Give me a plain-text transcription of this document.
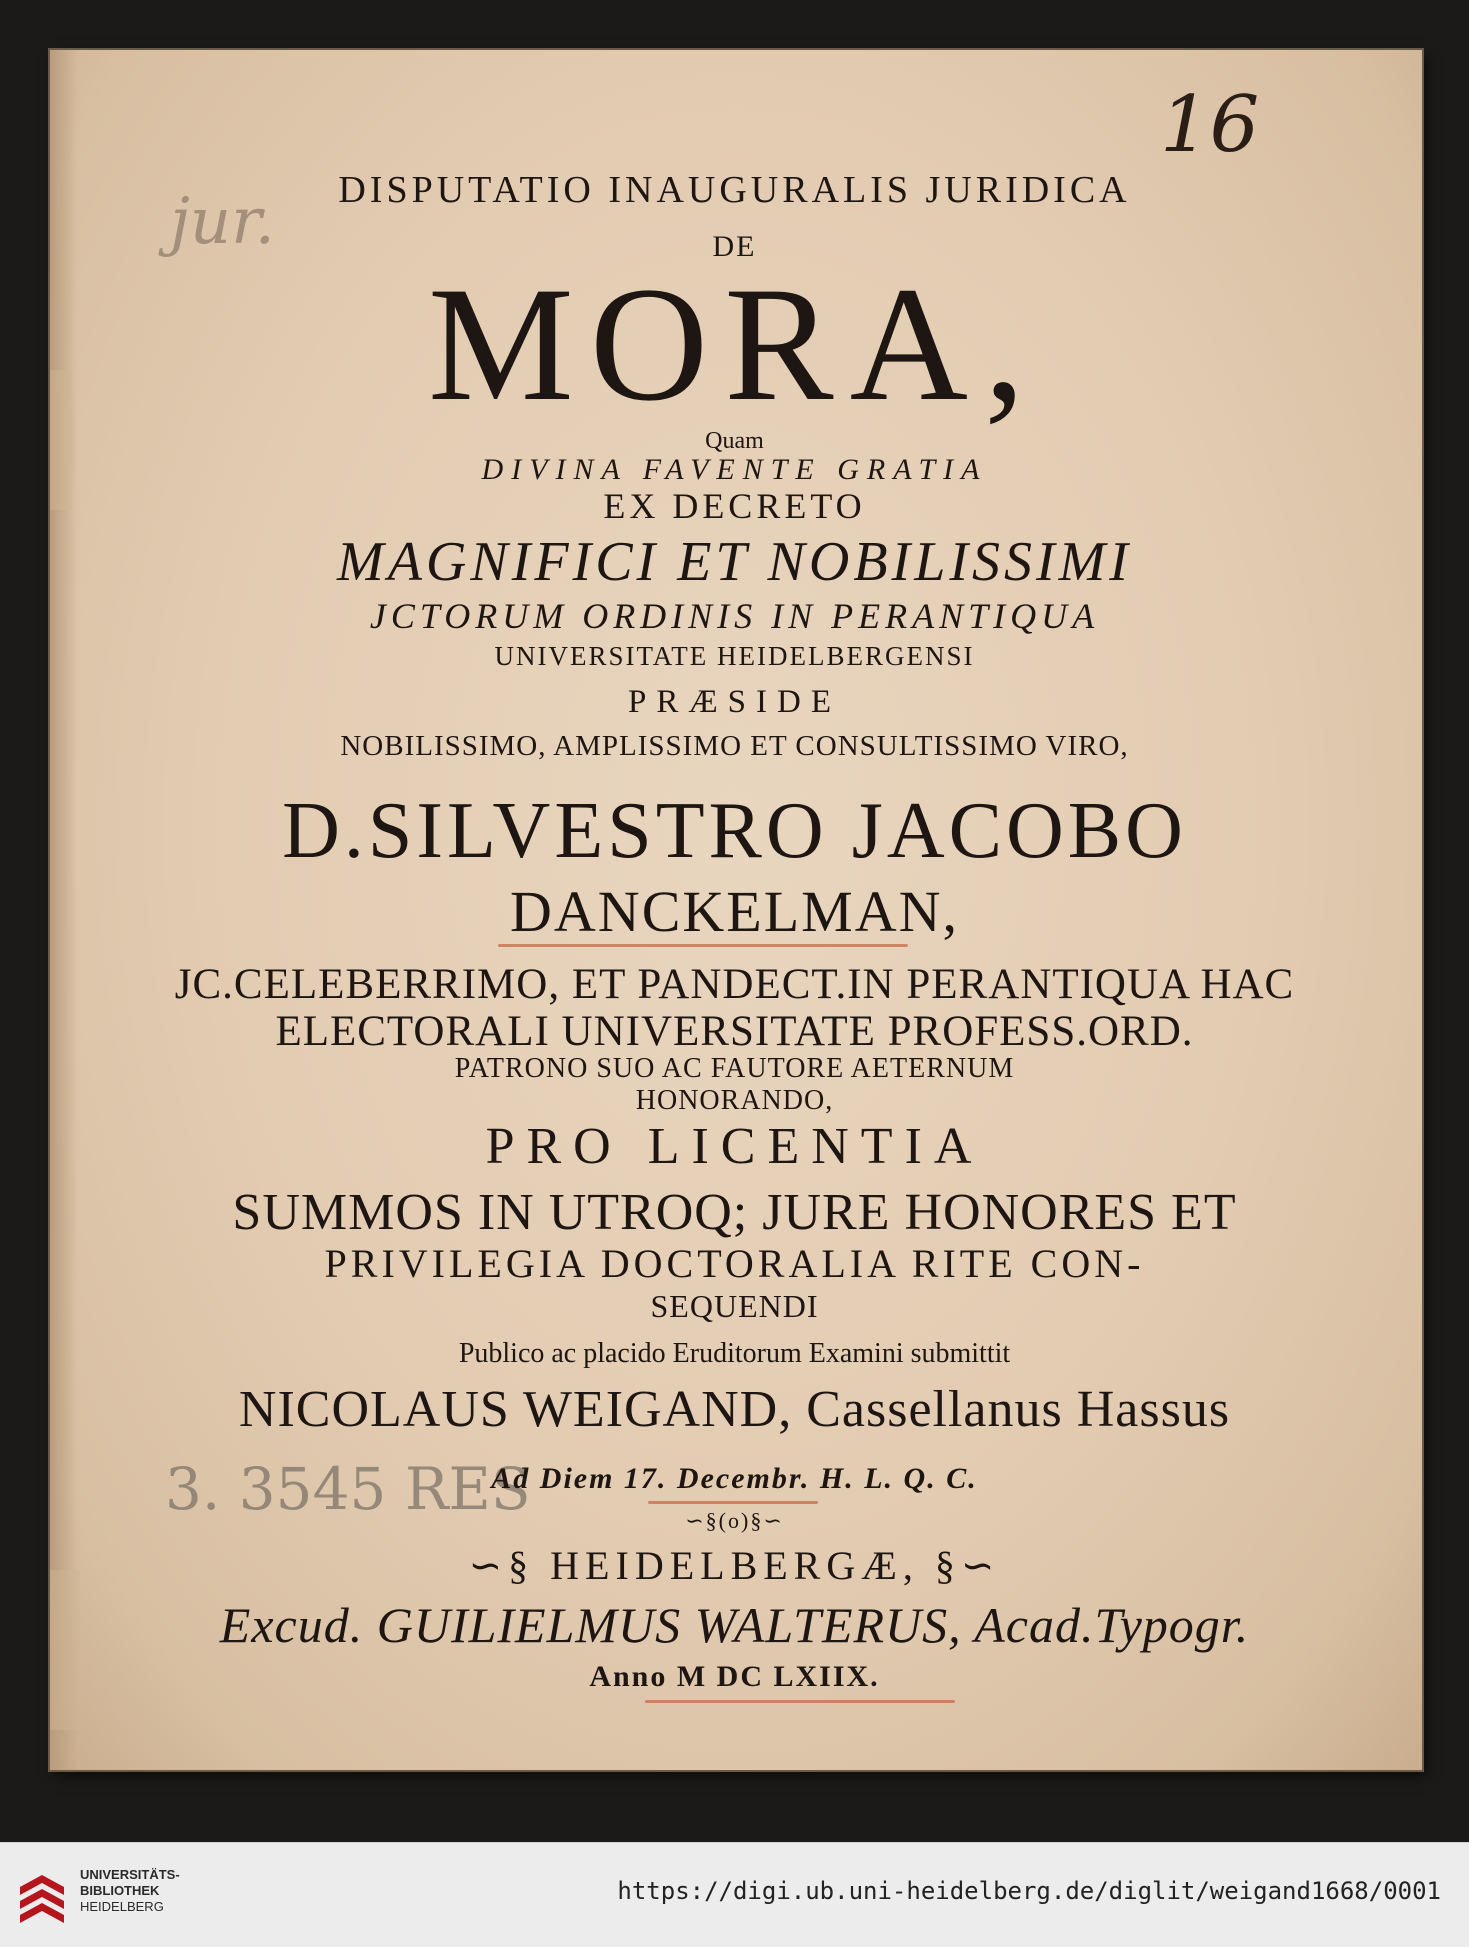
16
jur.
3. 3545 RES
DISPUTATIO INAUGURALIS JURIDICA
DE
MORA,
Quam
DIVINA FAVENTE GRATIA
EX DECRETO
MAGNIFICI ET NOBILISSIMI
JCTORUM ORDINIS IN PERANTIQUA
UNIVERSITATE HEIDELBERGENSI
PRÆSIDE
NOBILISSIMO, AMPLISSIMO ET CONSULTISSIMO VIRO,
D.SILVESTRO JACOBO
DANCKELMAN,
JC.CELEBERRIMO, ET PANDECT.IN PERANTIQUA HAC
ELECTORALI UNIVERSITATE PROFESS.ORD.
PATRONO SUO AC FAUTORE AETERNUM
HONORANDO,
PRO LICENTIA
SUMMOS IN UTROQ; JURE HONORES ET
PRIVILEGIA DOCTORALIA RITE CON-
SEQUENDI
Publico ac placido Eruditorum Examini submittit
NICOLAUS WEIGAND, Cassellanus Hassus
Ad Diem 17. Decembr. H. L. Q. C.
∽§(o)§∽
∽§ HEIDELBERGÆ, §∽
Excud. GUILIELMUS WALTERUS, Acad.Typogr.
Anno M DC LXIIX.
UNIVERSITÄTS-
BIBLIOTHEK
HEIDELBERG
https://digi.ub.uni-heidelberg.de/diglit/weigand1668/0001
